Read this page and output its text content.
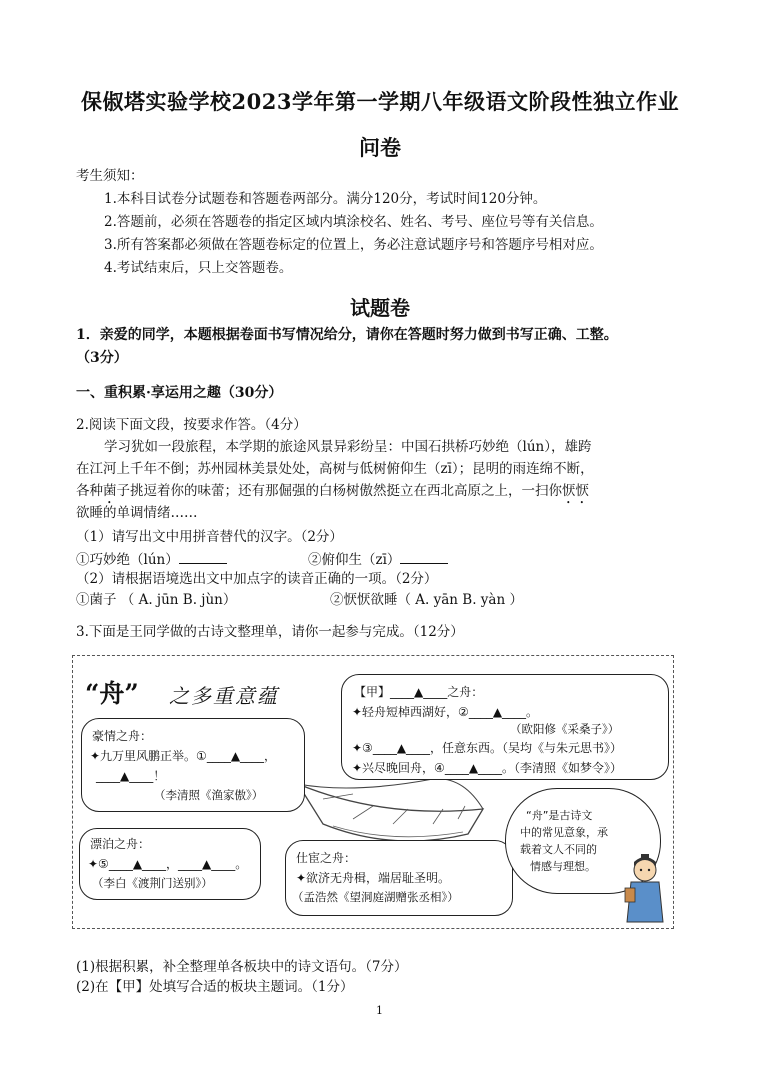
保俶塔实验学校2023学年第一学期八年级语文阶段性独立作业
问卷
考生须知：
1.本科目试卷分试题卷和答题卷两部分。满分120分，考试时间120分钟。
2.答题前，必须在答题卷的指定区域内填涂校名、姓名、考号、座位号等有关信息。
3.所有答案都必须做在答题卷标定的位置上，务必注意试题序号和答题序号相对应。
4.考试结束后，只上交答题卷。
试题卷
1．亲爱的同学，本题根据卷面书写情况给分，请你在答题时努力做到书写正确、工整。
（3分）
一、重积累·享运用之趣（30分）
2.阅读下面文段，按要求作答。（4分）
学习犹如一段旅程，本学期的旅途风景异彩纷呈：中国石拱桥巧妙绝（lún），雄跨
在江河上千年不倒；苏州园林美景处处，高树与低树俯仰生（zī）；昆明的雨连绵不断，
各种菌子挑逗着你的味蕾；还有那倔强的白杨树傲然挺立在西北高原之上，一扫你恹恹
欲睡的单调情绪……
（1）请写出文中用拼音替代的汉字。（2分）
①巧妙绝（lún）	②俯仰生（zī）
（2）请根据语境选出文中加点字的读音正确的一项。（2分）
①菌子 （ A. jūn B. jùn）	②恹恹欲睡（ A. yān B. yàn ）
3.下面是王同学做的古诗文整理单，请你一起参与完成。（12分）
“舟” 之多重意蕴	【甲】____▲____之舟：
✦轻舟短棹西湖好，②____▲____。
（欧阳修《采桑子》）
✦③____▲____，任意东西。（吴均《与朱元思书》）
✦兴尽晚回舟，④____▲____。（李清照《如梦令》）
豪情之舟：
✦九万里风鹏正举。①____▲____，
____▲____！
（李清照《渔家傲》）
漂泊之舟：
✦⑤____▲____，____▲____。
（李白《渡荆门送别》）
仕宦之舟：
✦欲济无舟楫，端居耻圣明。
（孟浩然《望洞庭湖赠张丞相》）
“舟”是古诗文
中的常见意象，承
载着文人不同的
情感与理想。
(1)根据积累，补全整理单各板块中的诗文语句。（7分）
(2)在【甲】处填写合适的板块主题词。（1分）
1
